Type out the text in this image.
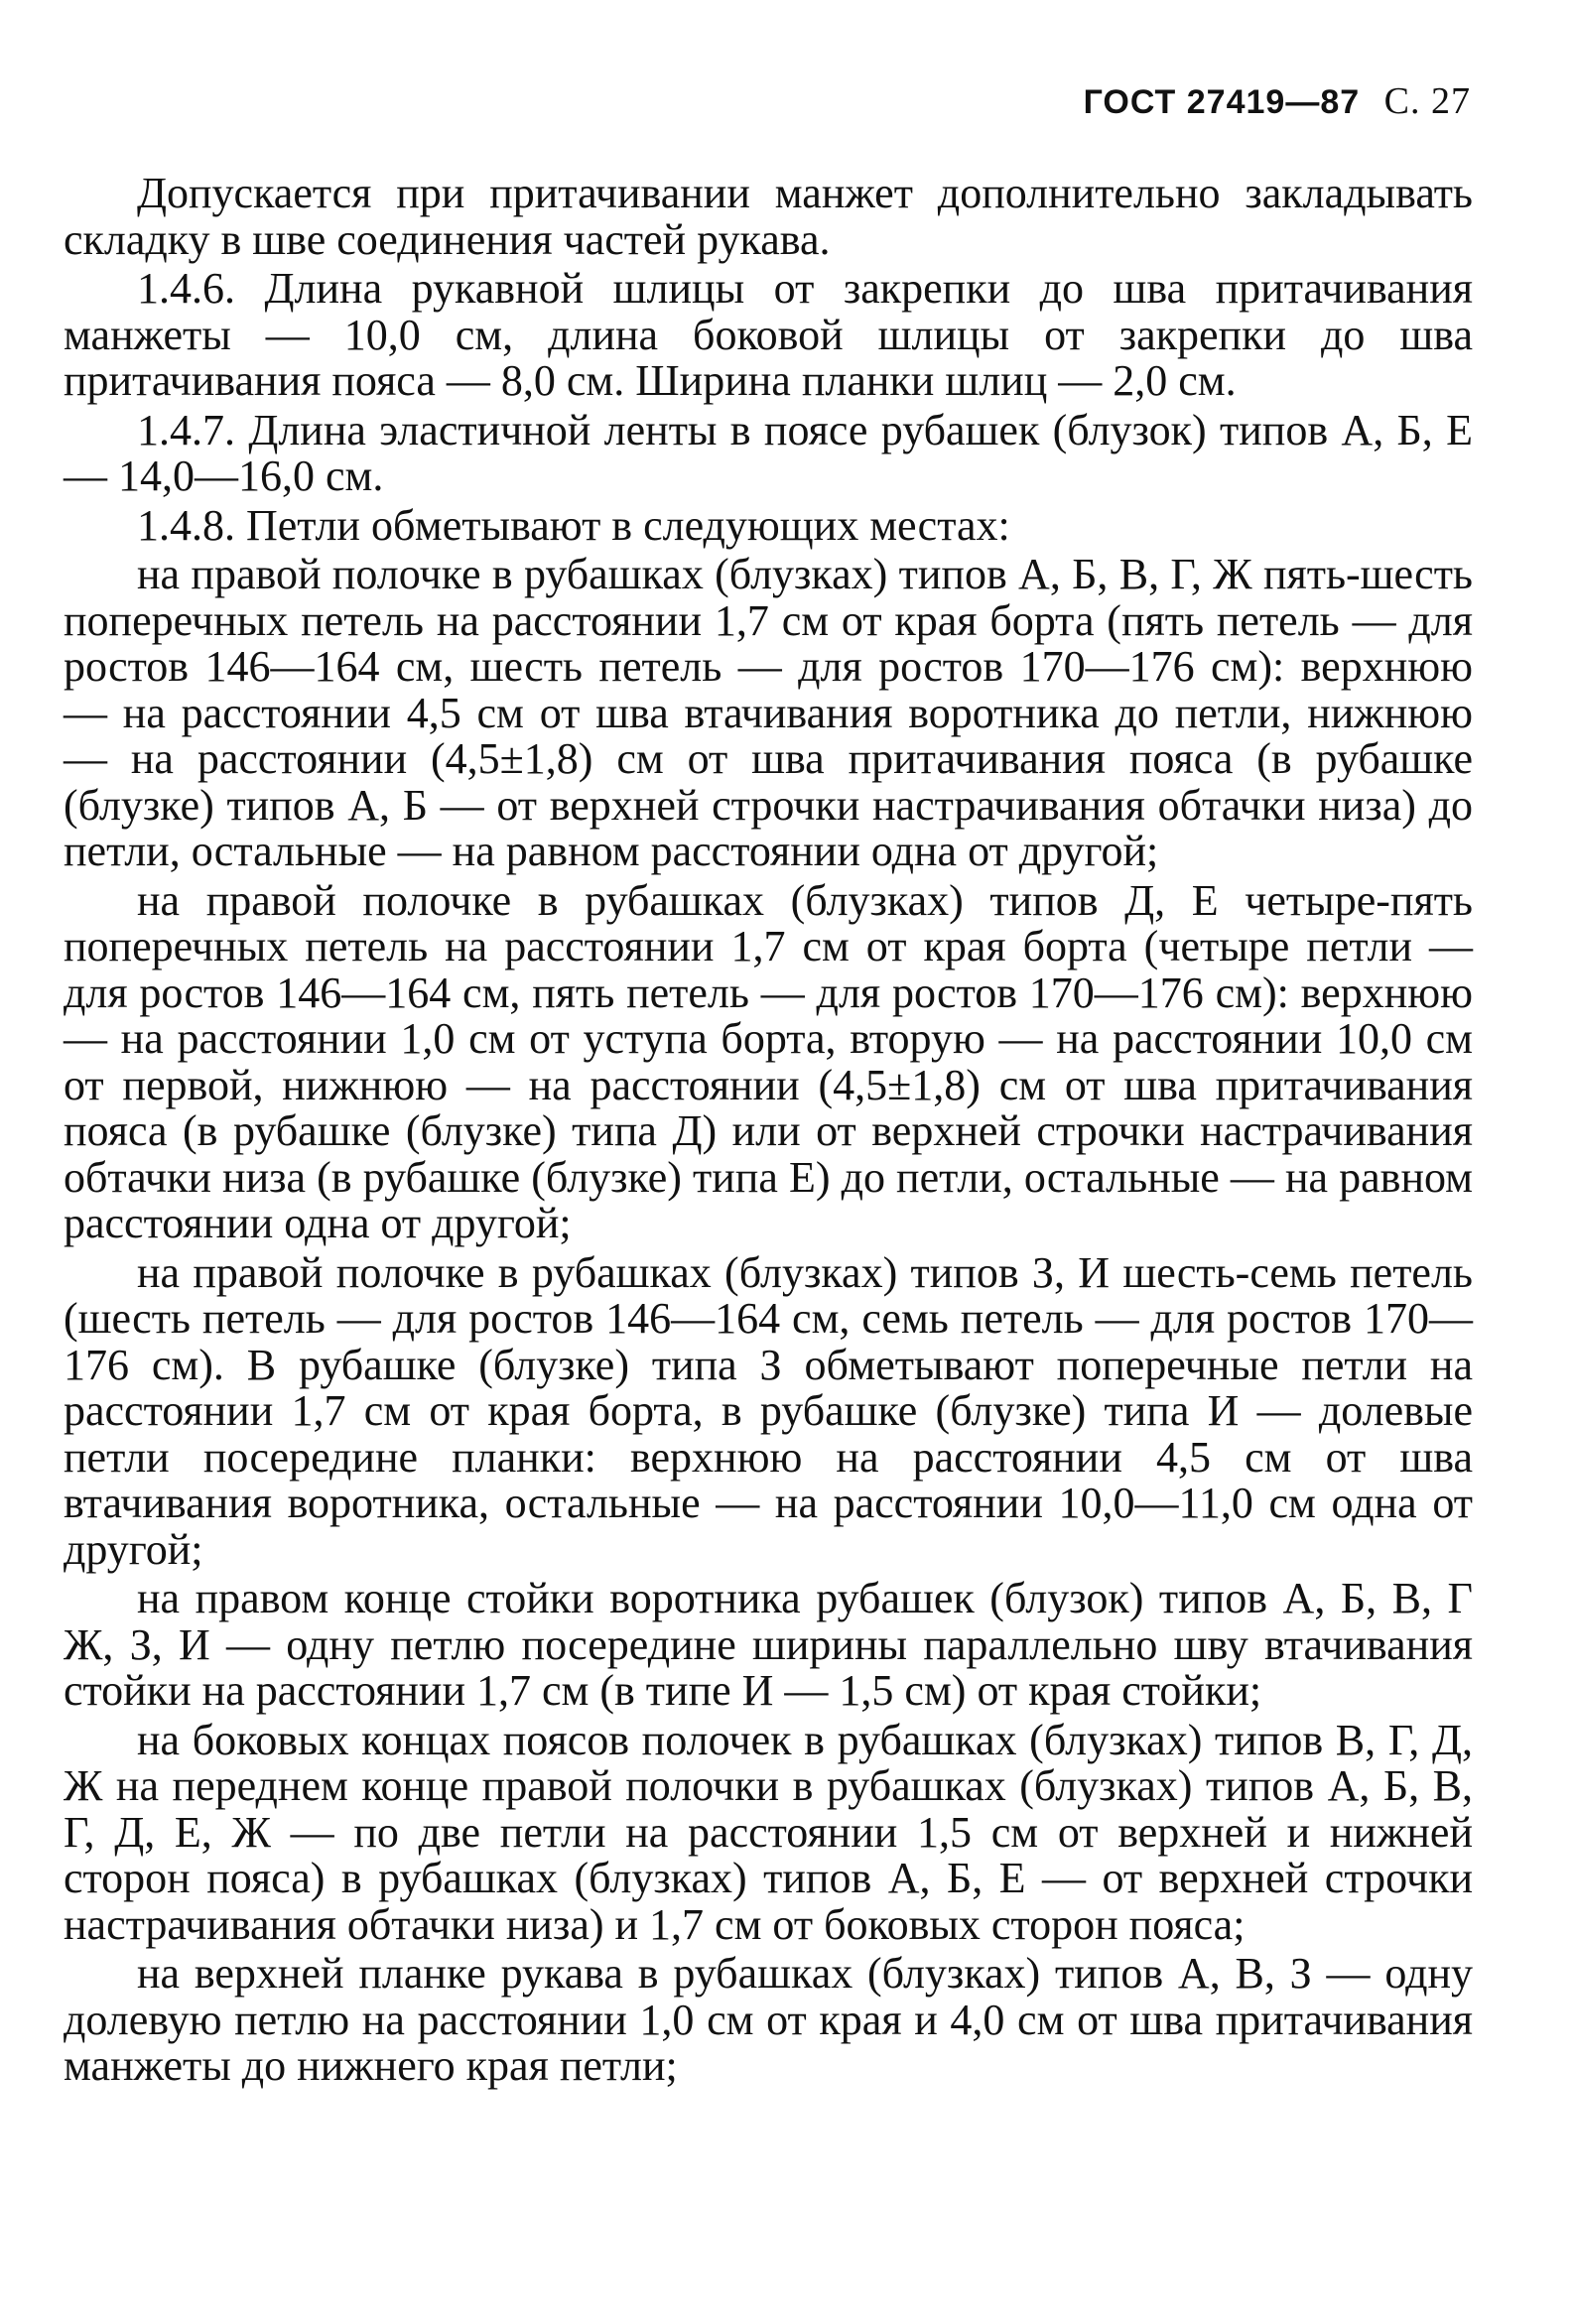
ГОСТ 27419—87 С. 27

Допускается при притачивании манжет дополнительно закладывать складку в шве соединения частей рукава.

1.4.6. Длина рукавной шлицы от закрепки до шва притачивания манжеты — 10,0 см, длина боковой шлицы от закрепки до шва притачивания пояса — 8,0 см. Ширина планки шлиц — 2,0 см.

1.4.7. Длина эластичной ленты в поясе рубашек (блузок) типов А, Б, Е — 14,0—16,0 см.

1.4.8. Петли обметывают в следующих местах:

на правой полочке в рубашках (блузках) типов А, Б, В, Г, Ж пять-шесть поперечных петель на расстоянии 1,7 см от края борта (пять петель — для ростов 146—164 см, шесть петель — для ростов 170—176 см): верхнюю — на расстоянии 4,5 см от шва втачивания воротника до петли, нижнюю — на расстоянии (4,5±1,8) см от шва притачивания пояса (в рубашке (блузке) типов А, Б — от верхней строчки настрачивания обтачки низа) до петли, остальные — на равном расстоянии одна от другой;

на правой полочке в рубашках (блузках) типов Д, Е четыре-пять поперечных петель на расстоянии 1,7 см от края борта (четыре петли — для ростов 146—164 см, пять петель — для ростов 170—176 см): верхнюю — на расстоянии 1,0 см от уступа борта, вторую — на расстоянии 10,0 см от первой, нижнюю — на расстоянии (4,5±1,8) см от шва притачивания пояса (в рубашке (блузке) типа Д) или от верхней строчки настрачивания обтачки низа (в рубашке (блузке) типа Е) до петли, остальные — на равном расстоянии одна от другой;

на правой полочке в рубашках (блузках) типов З, И шесть-семь петель (шесть петель — для ростов 146—164 см, семь петель — для ростов 170—176 см). В рубашке (блузке) типа З обметывают поперечные петли на расстоянии 1,7 см от края борта, в рубашке (блузке) типа И — долевые петли посередине планки: верхнюю на расстоянии 4,5 см от шва втачивания воротника, остальные — на расстоянии 10,0—11,0 см одна от другой;

на правом конце стойки воротника рубашек (блузок) типов А, Б, В, Г Ж, З, И — одну петлю посередине ширины параллельно шву втачивания стойки на расстоянии 1,7 см (в типе И — 1,5 см) от края стойки;

на боковых концах поясов полочек в рубашках (блузках) типов В, Г, Д, Ж на переднем конце правой полочки в рубашках (блузках) типов А, Б, В, Г, Д, Е, Ж — по две петли на расстоянии 1,5 см от верхней и нижней сторон пояса) в рубашках (блузках) типов А, Б, Е — от верхней строчки настрачивания обтачки низа) и 1,7 см от боковых сторон пояса;

на верхней планке рукава в рубашках (блузках) типов А, В, З — одну долевую петлю на расстоянии 1,0 см от края и 4,0 см от шва притачивания манжеты до нижнего края петли;
